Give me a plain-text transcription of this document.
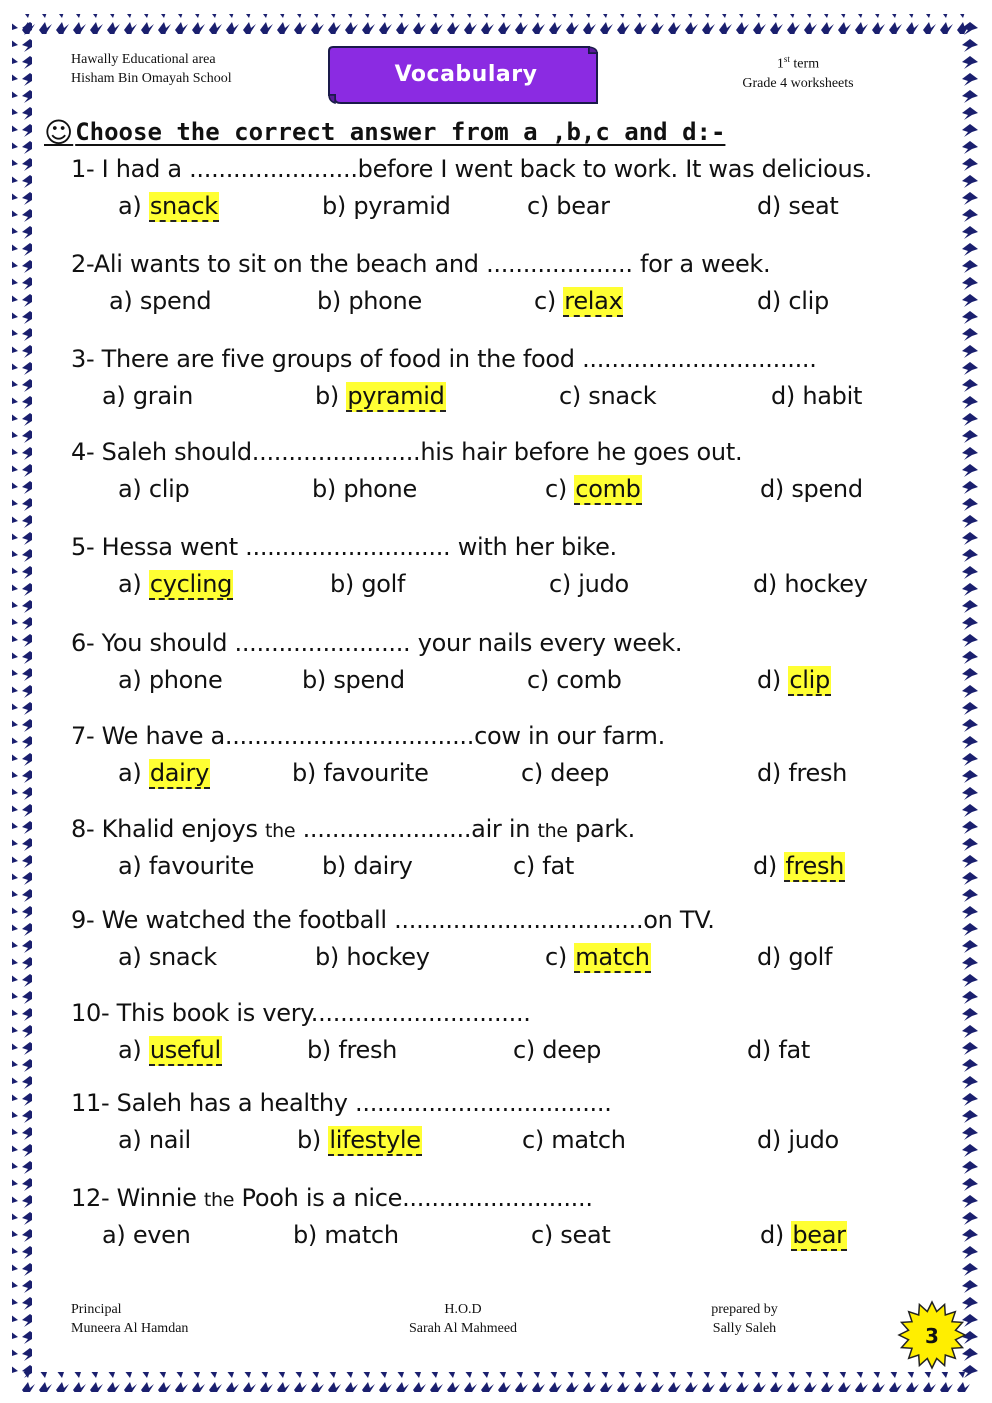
Hawally Educational area
Hisham Bin Omayah School
1st term
Grade 4 worksheets
Vocabulary
☺Choose the correct answer from a ,b,c and d:-
1- I had a .......................before I went back to work. It was delicious.
a) snack	b) pyramid	c) bear	d) seat
2-Ali wants to sit on the beach and .................... for a week.
a) spend	b) phone	c) relax	d) clip
3- There are five groups of food in the food ................................
a) grain	b) pyramid	c) snack	d) habit
4- Saleh should.......................his hair before he goes out.
a) clip	b) phone	c) comb	d) spend
5- Hessa went ............................ with her bike.
a) cycling	b) golf	c) judo	d) hockey
6- You should ........................ your nails every week.
a) phone	b) spend	c) comb	d) clip
7- We have a..................................cow in our farm.
a) dairy	b) favourite	c) deep	d) fresh
8- Khalid enjoys the .......................air in the park.
a) favourite	b) dairy	c) fat	d) fresh
9- We watched the football ..................................on TV.
a) snack	b) hockey	c) match	d) golf
10- This book is very..............................
a) useful	b) fresh	c) deep	d) fat
11- Saleh has a healthy ...................................
a) nail	b) lifestyle	c) match	d) judo
12- Winnie the Pooh is a nice..........................
a) even	b) match	c) seat	d) bear
Principal
Muneera Al Hamdan
H.O.D
Sarah Al Mahmeed
prepared by
Sally Saleh	3
